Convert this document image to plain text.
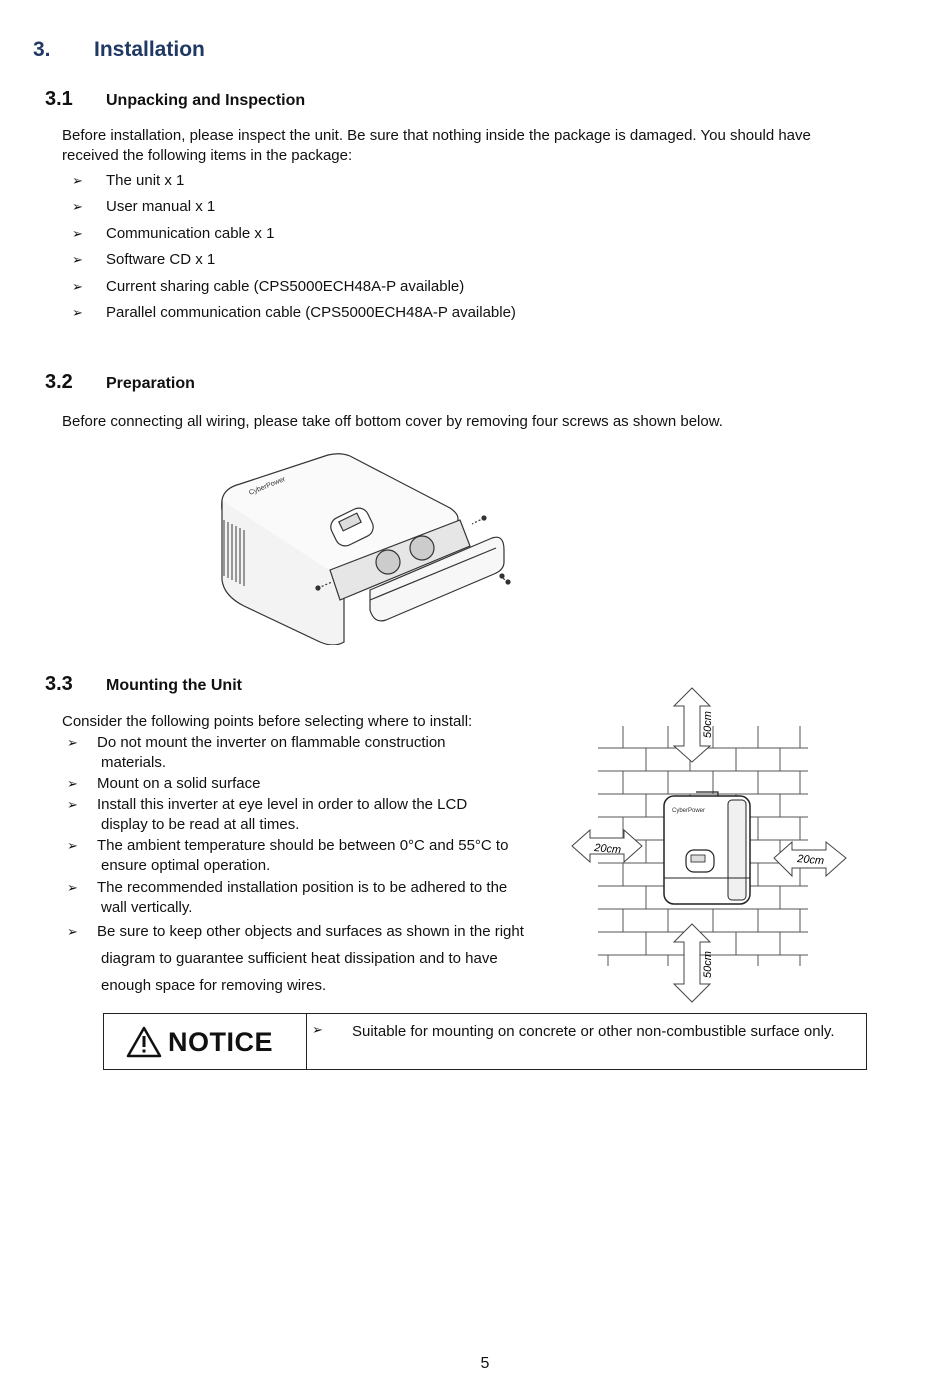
3. Installation
3.1 Unpacking and Inspection
Before installation, please inspect the unit. Be sure that nothing inside the package is damaged. You should have
received the following items in the package:
➢ The unit x 1
➢ User manual x 1
➢ Communication cable x 1
➢ Software CD x 1
➢ Current sharing cable (CPS5000ECH48A-P available)
➢ Parallel communication cable (CPS5000ECH48A-P available)
3.2 Preparation
Before connecting all wiring, please take off bottom cover by removing four screws as shown below.
CyberPower
3.3 Mounting the Unit
Consider the following points before selecting where to install:
➢ Do not mount the inverter on flammable construction
materials.
➢ Mount on a solid surface
➢ Install this inverter at eye level in order to allow the LCD
display to be read at all times.
➢ The ambient temperature should be between 0°C and 55°C to
ensure optimal operation.
➢ The recommended installation position is to be adhered to the
wall vertically.
➢ Be sure to keep other objects and surfaces as shown in the right
diagram to guarantee sufficient heat dissipation and to have
enough space for removing wires.
CyberPower
50cm
50cm
20cm
20cm
NOTICE	➢ Suitable for mounting on concrete or other non-combustible surface only.
5
